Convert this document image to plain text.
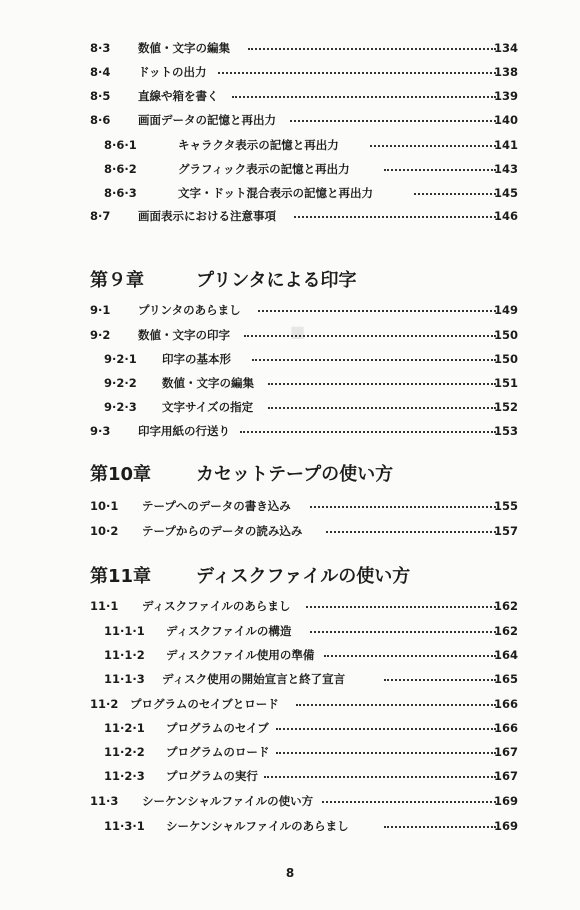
■
8·3 数値・文字の編集	134
8·4 ドットの出力	138
8·5 直線や箱を書く	139
8·6 画面データの記憶と再出力	140
8·6·1	キャラクタ表示の記憶と再出力	141
8·6·2	グラフィック表示の記憶と再出力	143
8·6·3	文字・ドット混合表示の記憶と再出力	145
8·7 画面表示における注意事項	146
第９章	プリンタによる印字
9·1 プリンタのあらまし	149
9·2 数値・文字の印字	150
9·2·1 印字の基本形	150
9·2·2 数値・文字の編集	151
9·2·3 文字サイズの指定	152
9·3 印字用紙の行送り	153
第10章 カセットテープの使い方
10·1 テープへのデータの書き込み	155
10·2 テープからのデータの読み込み	157
第11章 ディスクファイルの使い方
11·1 ディスクファイルのあらまし	162
11·1·1 ディスクファイルの構造	162
11·1·2 ディスクファイル使用の準備	164
11·1·3 ディスク使用の開始宣言と終了宣言	165
11·2 プログラムのセイブとロード	166
11·2·1 プログラムのセイブ	166
11·2·2 プログラムのロード	167
11·2·3 プログラムの実行	167
11·3 シーケンシャルファイルの使い方	169
11·3·1 シーケンシャルファイルのあらまし	169
8
